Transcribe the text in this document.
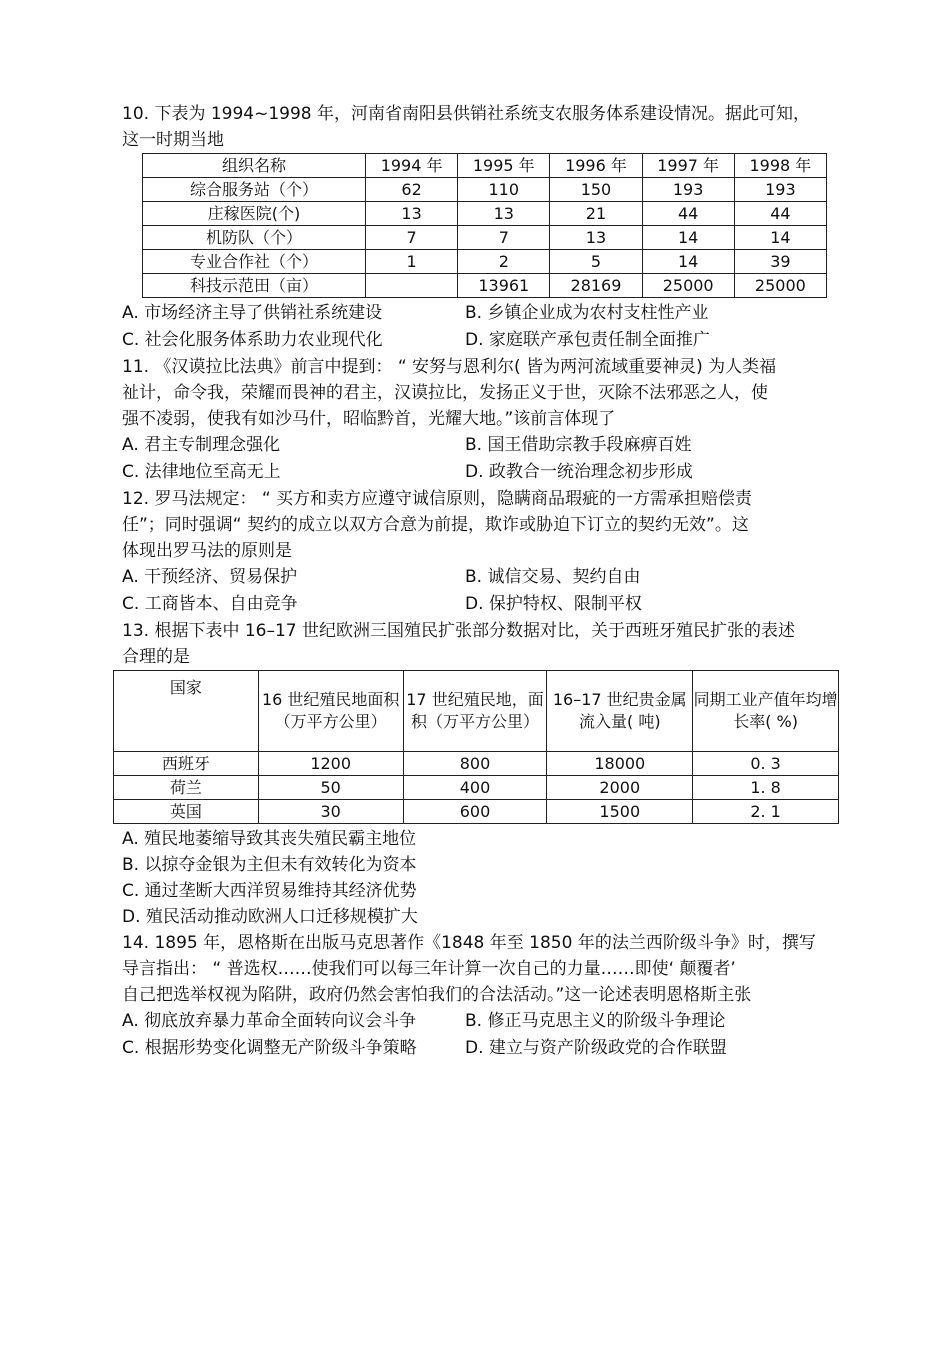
10. 下表为 1994~1998 年，河南省南阳县供销社系统支农服务体系建设情况。据此可知，
这一时期当地
组织名称	1994 年	1995 年	1996 年	1997 年	1998 年
综合服务站（个）	62	110	150	193	193
庄稼医院(个)	13	13	21	44	44
机防队（个）	7	7	13	14	14
专业合作社（个）	1	2	5	14	39
科技示范田（亩）		13961	28169	25000	25000
A. 市场经济主导了供销社系统建设	B. 乡镇企业成为农村支柱性产业
C. 社会化服务体系助力农业现代化	D. 家庭联产承包责任制全面推广
11. 《汉谟拉比法典》前言中提到： “ 安努与恩利尔( 皆为两河流域重要神灵) 为人类福
祉计，命令我，荣耀而畏神的君主，汉谟拉比，发扬正义于世，灭除不法邪恶之人，使
强不凌弱，使我有如沙马什，昭临黔首，光耀大地。”该前言体现了
A. 君主专制理念强化	B. 国王借助宗教手段麻痹百姓
C. 法律地位至高无上	D. 政教合一统治理念初步形成
12. 罗马法规定： “ 买方和卖方应遵守诚信原则，隐瞒商品瑕疵的一方需承担赔偿责
任”；同时强调“ 契约的成立以双方合意为前提，欺诈或胁迫下订立的契约无效”。这
体现出罗马法的原则是
A. 干预经济、贸易保护	B. 诚信交易、契约自由
C. 工商皆本、自由竞争	D. 保护特权、限制平权
13. 根据下表中 16–17 世纪欧洲三国殖民扩张部分数据对比，关于西班牙殖民扩张的表述
合理的是
国家	16 世纪殖民地面积（万平方公里）	17 世纪殖民地，面积（万平方公里）	16–17 世纪贵金属流入量( 吨)	同期工业产值年均增长率( %)
西班牙	1200	800	18000	0. 3
荷兰	50	400	2000	1. 8
英国	30	600	1500	2. 1
A. 殖民地萎缩导致其丧失殖民霸主地位
B. 以掠夺金银为主但未有效转化为资本
C. 通过垄断大西洋贸易维持其经济优势
D. 殖民活动推动欧洲人口迁移规模扩大
14. 1895 年，恩格斯在出版马克思著作《1848 年至 1850 年的法兰西阶级斗争》时，撰写
导言指出： “ 普选权……使我们可以每三年计算一次自己的力量……即使‘ 颠覆者’
自己把选举权视为陷阱，政府仍然会害怕我们的合法活动。”这一论述表明恩格斯主张
A. 彻底放弃暴力革命全面转向议会斗争	B. 修正马克思主义的阶级斗争理论
C. 根据形势变化调整无产阶级斗争策略	D. 建立与资产阶级政党的合作联盟
